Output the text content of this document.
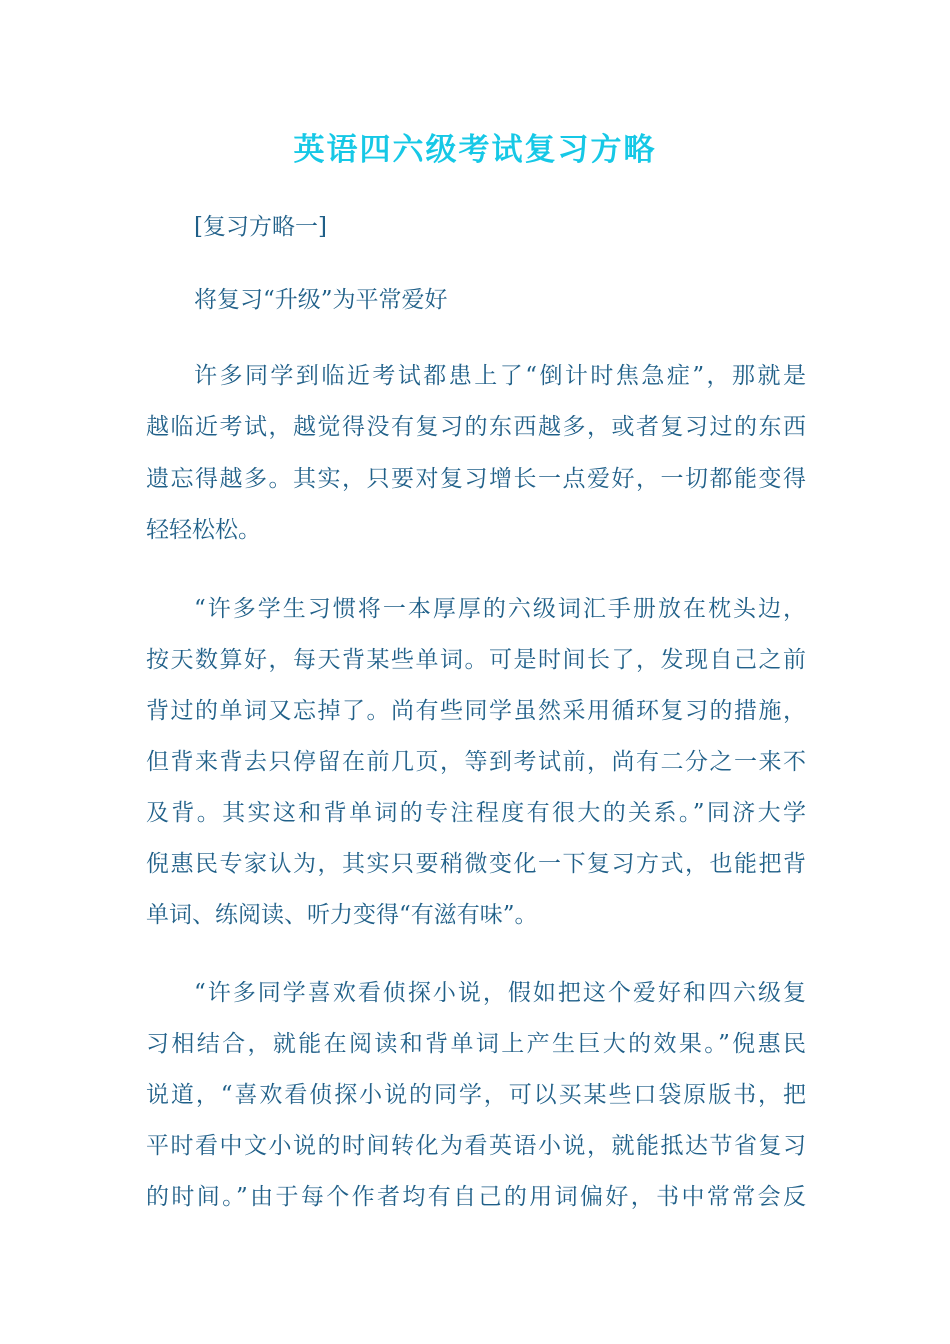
英语四六级考试复习方略
[复习方略一]
将复习“升级”为平常爱好
许多同学到临近考试都患上了“倒计时焦急症”，那就是
越临近考试，越觉得没有复习的东西越多，或者复习过的东西
遗忘得越多。其实，只要对复习增长一点爱好，一切都能变得
轻轻松松。
“许多学生习惯将一本厚厚的六级词汇手册放在枕头边，
按天数算好，每天背某些单词。可是时间长了，发现自己之前
背过的单词又忘掉了。尚有些同学虽然采用循环复习的措施，
但背来背去只停留在前几页，等到考试前，尚有二分之一来不
及背。其实这和背单词的专注程度有很大的关系。”同济大学
倪惠民专家认为，其实只要稍微变化一下复习方式，也能把背
单词、练阅读、听力变得“有滋有味”。
“许多同学喜欢看侦探小说，假如把这个爱好和四六级复
习相结合，就能在阅读和背单词上产生巨大的效果。”倪惠民
说道，“喜欢看侦探小说的同学，可以买某些口袋原版书，把
平时看中文小说的时间转化为看英语小说，就能抵达节省复习
的时间。”由于每个作者均有自己的用词偏好，书中常常会反
